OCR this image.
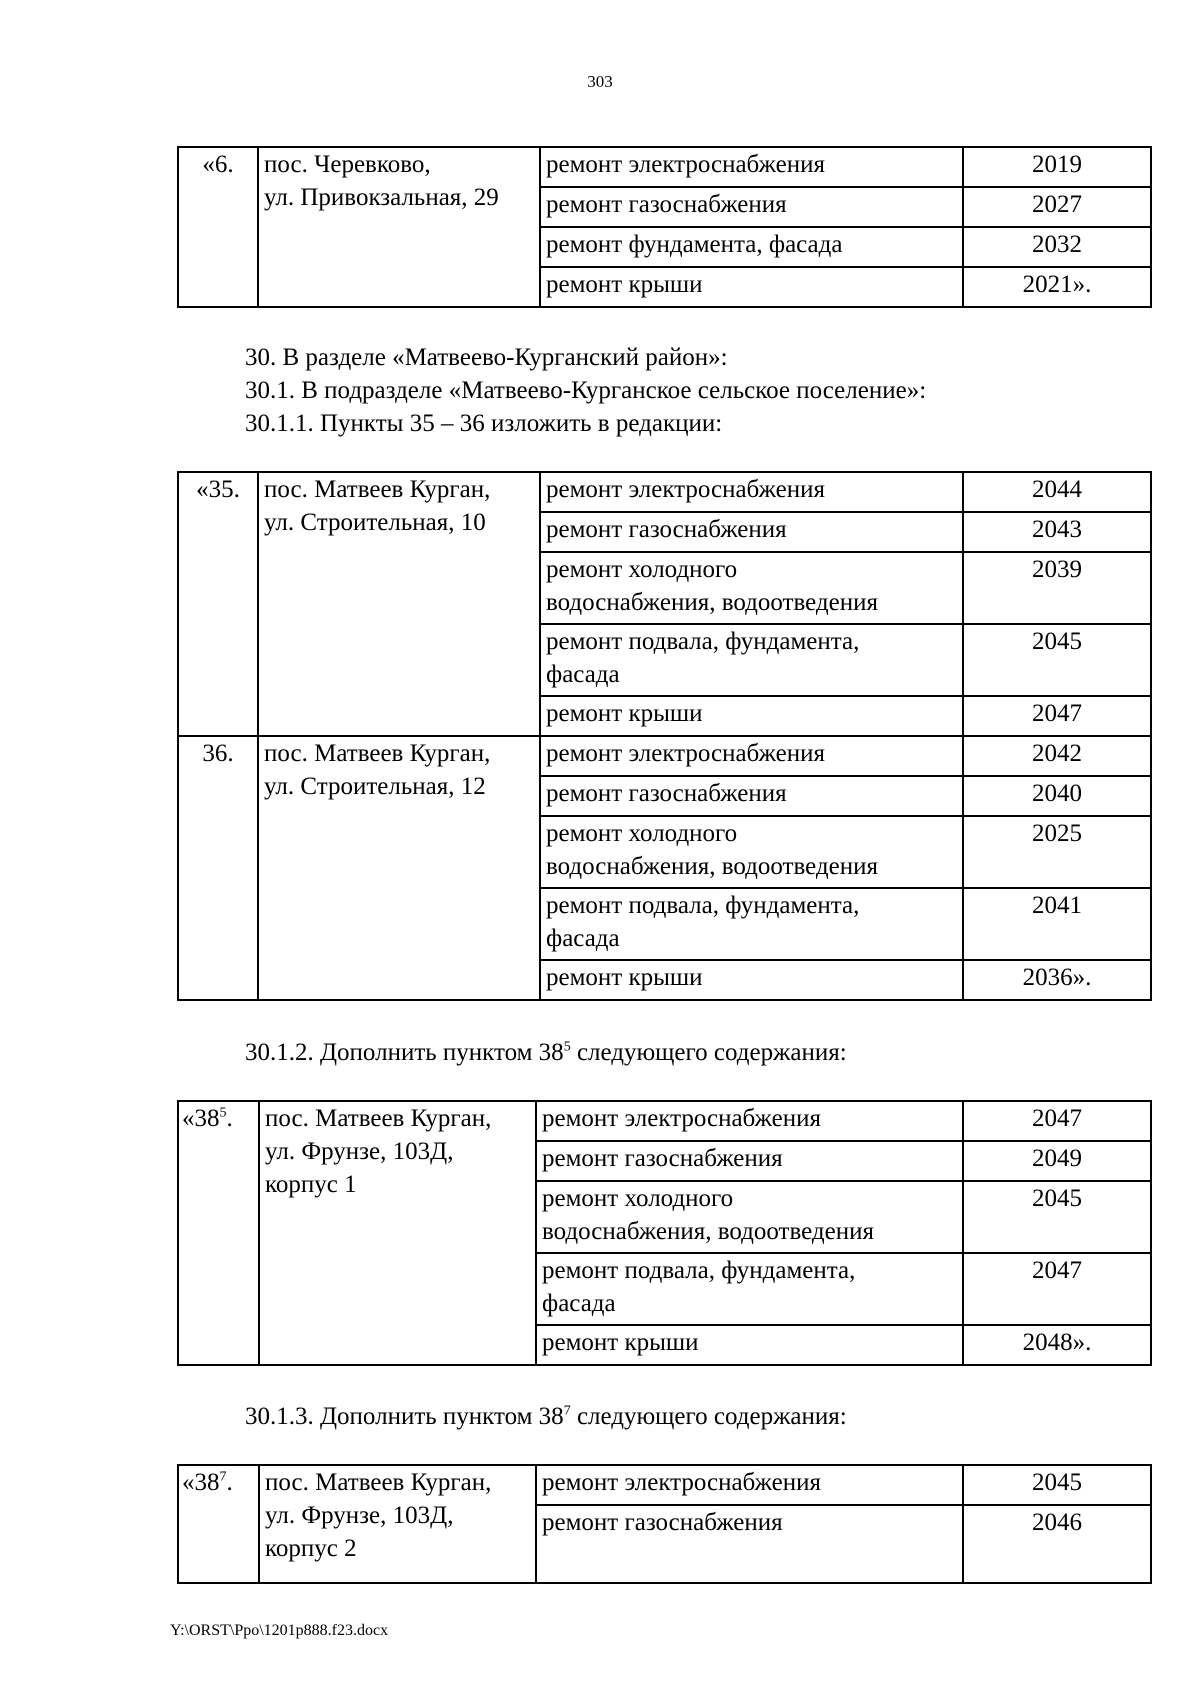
303
«6.	пос. Черевково,
ул. Привокзальная, 29	ремонт электроснабжения	2019
		ремонт газоснабжения	2027
		ремонт фундамента, фасада	2032
		ремонт крыши	2021».
30. В разделе «Матвеево-Курганский район»:
30.1. В подразделе «Матвеево-Курганское сельское поселение»:
30.1.1. Пункты 35 – 36 изложить в редакции:
«35.	пос. Матвеев Курган,
ул. Строительная, 10	ремонт электроснабжения	2044

		ремонт газоснабжения	2043

		ремонт холодного
водоснабжения, водоотведения	2039

		ремонт подвала, фундамента,
фасада	2045

		ремонт крыши	2047
36.	пос. Матвеев Курган,
ул. Строительная, 12	ремонт электроснабжения	2042

		ремонт газоснабжения	2040

		ремонт холодного
водоснабжения, водоотведения	2025

		ремонт подвала, фундамента,
фасада	2041

		ремонт крыши	2036».
30.1.2. Дополнить пунктом $38^5$ следующего содержания:
«$38^5$.	пос. Матвеев Курган,
ул. Фрунзе, 103Д,
корпус 1	ремонт электроснабжения	2047

		ремонт газоснабжения	2049

		ремонт холодного
водоснабжения, водоотведения	2045

		ремонт подвала, фундамента,
фасада	2047

		ремонт крыши	2048».
30.1.3. Дополнить пунктом $38^7$ следующего содержания:
«$38^7$.	пос. Матвеев Курган,
ул. Фрунзе, 103Д,
корпус 2	ремонт электроснабжения	2045
		ремонт газоснабжения	2046
Y:\ORST\Ppo\1201p888.f23.docx
